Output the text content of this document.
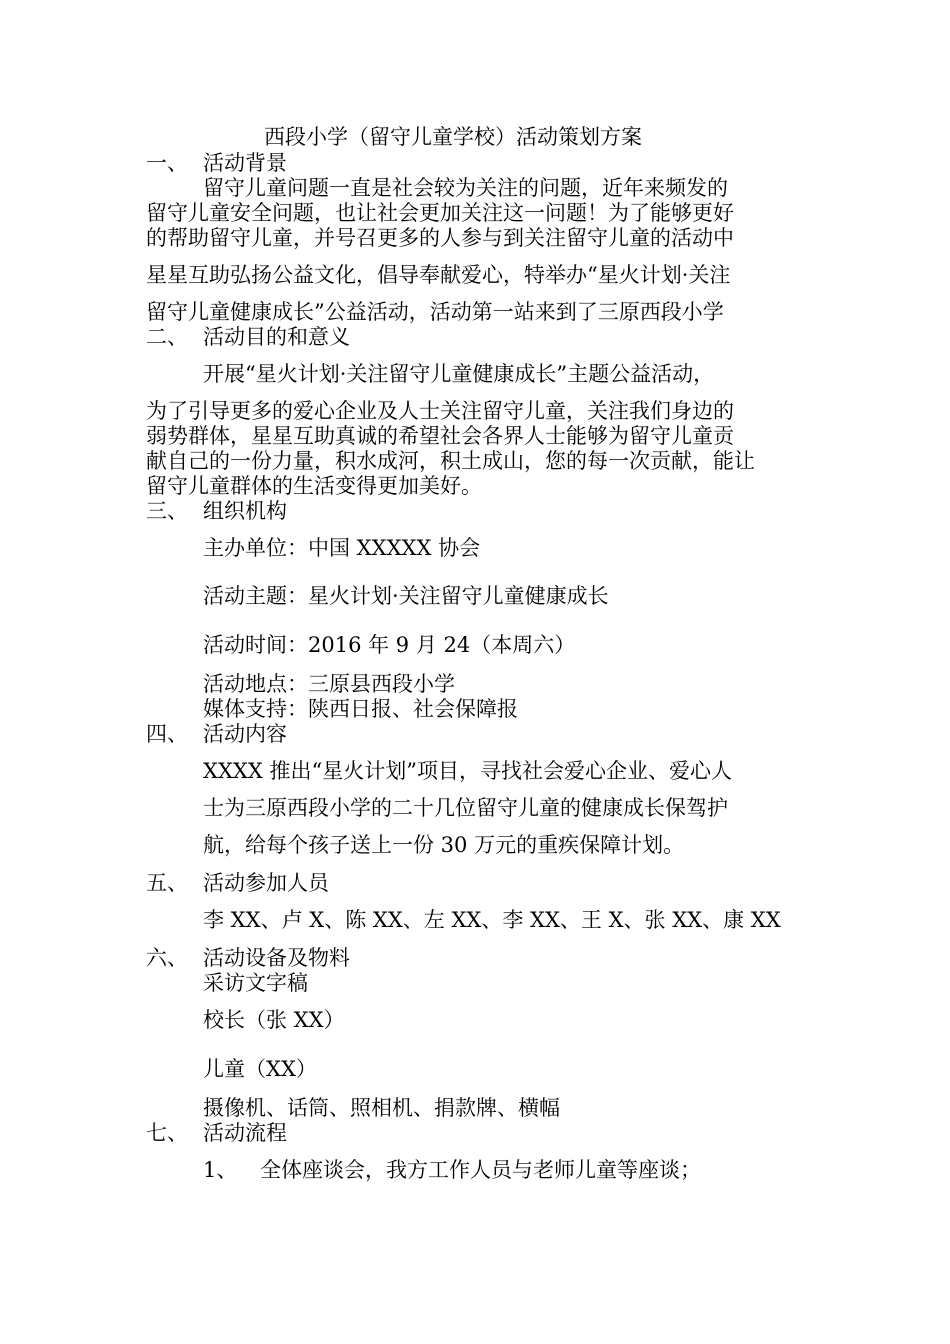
西段小学（留守儿童学校）活动策划方案
一、 活动背景
留守儿童问题一直是社会较为关注的问题，近年来频发的
留守儿童安全问题，也让社会更加关注这一问题！为了能够更好
的帮助留守儿童，并号召更多的人参与到关注留守儿童的活动中
星星互助弘扬公益文化，倡导奉献爱心，特举办“星火计划·关注
留守儿童健康成长”公益活动，活动第一站来到了三原西段小学
二、 活动目的和意义
开展“星火计划·关注留守儿童健康成长”主题公益活动，
为了引导更多的爱心企业及人士关注留守儿童，关注我们身边的
弱势群体，星星互助真诚的希望社会各界人士能够为留守儿童贡
献自己的一份力量，积水成河，积土成山，您的每一次贡献，能让
留守儿童群体的生活变得更加美好。
三、 组织机构
主办单位：中国 XXXXX 协会
活动主题：星火计划·关注留守儿童健康成长
活动时间：2016 年 9 月 24（本周六）
活动地点：三原县西段小学
媒体支持：陕西日报、社会保障报
四、 活动内容
XXXX 推出“星火计划”项目，寻找社会爱心企业、爱心人
士为三原西段小学的二十几位留守儿童的健康成长保驾护
航，给每个孩子送上一份 30 万元的重疾保障计划。
五、 活动参加人员
李 XX、卢 X、陈 XX、左 XX、李 XX、王 X、张 XX、康 XX
六、 活动设备及物料
采访文字稿
校长（张 XX）
儿童（XX）
摄像机、话筒、照相机、捐款牌、横幅
七、 活动流程
1、 全体座谈会，我方工作人员与老师儿童等座谈；
